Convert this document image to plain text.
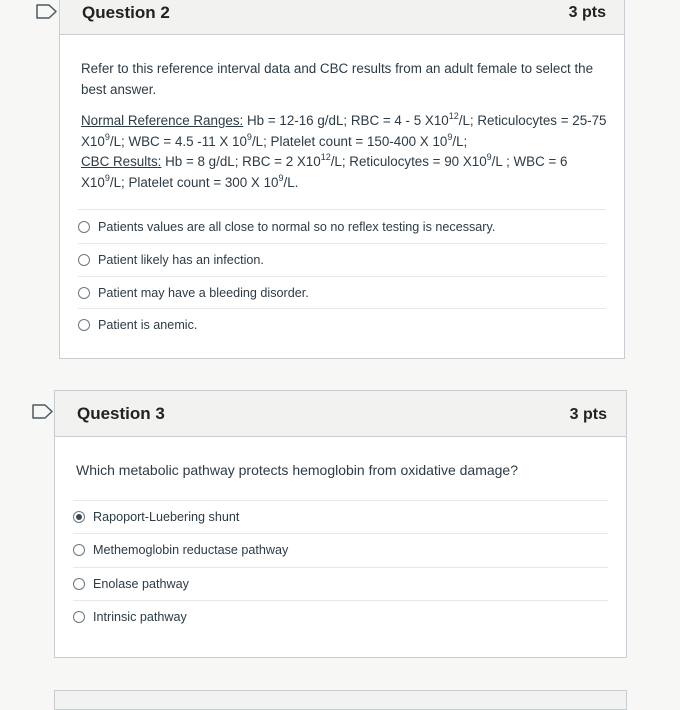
Question 2	3 pts
Refer to this reference interval data and CBC results from an adult female to select the best answer.
Normal Reference Ranges: Hb = 12-16 g/dL; RBC = 4 - 5 $X10^{12}/L$; Reticulocytes = 25-75 $X10^9/L$; WBC = 4.5 -11 X $10^9/L$; Platelet count = 150-400 X $10^9/L$;
CBC Results: Hb = 8 g/dL; RBC = 2 $X10^{12}/L$; Reticulocytes = 90 $X10^9/L$ ; WBC = 6 $X10^9/L$; Platelet count = 300 X $10^9/L$.
Patients values are all close to normal so no reflex testing is necessary.
Patient likely has an infection.
Patient may have a bleeding disorder.
Patient is anemic.
Question 3	3 pts
Which metabolic pathway protects hemoglobin from oxidative damage?
Rapoport-Luebering shunt
Methemoglobin reductase pathway
Enolase pathway
Intrinsic pathway
